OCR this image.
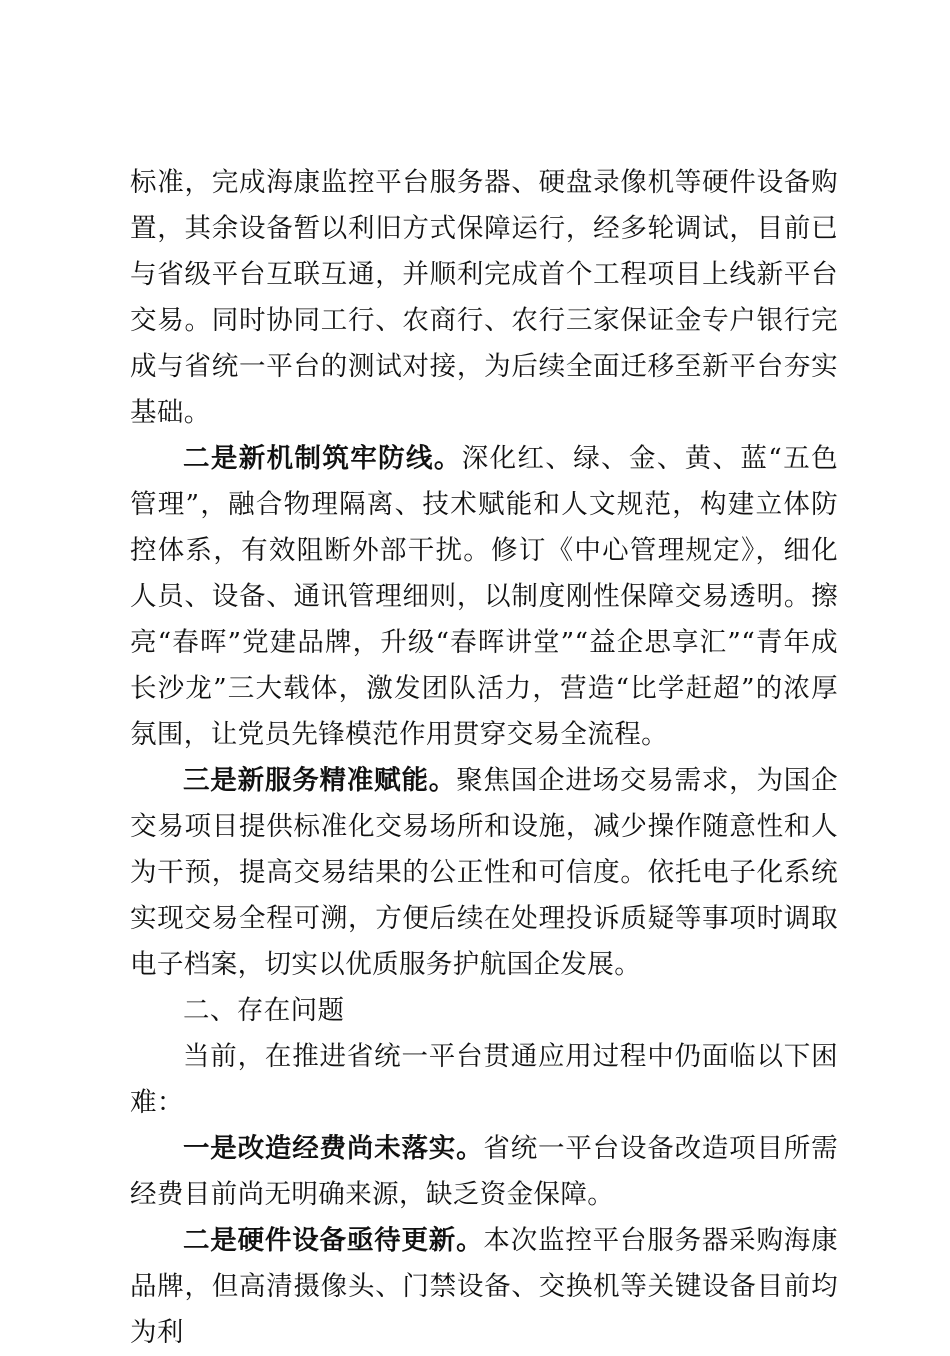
标准，完成海康监控平台服务器、硬盘录像机等硬件设备购置，其余设备暂以利旧方式保障运行，经多轮调试，目前已与省级平台互联互通，并顺利完成首个工程项目上线新平台交易。同时协同工行、农商行、农行三家保证金专户银行完成与省统一平台的测试对接，为后续全面迁移至新平台夯实基础。

二是新机制筑牢防线。深化红、绿、金、黄、蓝“五色管理”，融合物理隔离、技术赋能和人文规范，构建立体防控体系，有效阻断外部干扰。修订《中心管理规定》，细化人员、设备、通讯管理细则，以制度刚性保障交易透明。擦亮“春晖”党建品牌，升级“春晖讲堂”“益企思享汇”“青年成长沙龙”三大载体，激发团队活力，营造“比学赶超”的浓厚氛围，让党员先锋模范作用贯穿交易全流程。

三是新服务精准赋能。聚焦国企进场交易需求，为国企交易项目提供标准化交易场所和设施，减少操作随意性和人为干预，提高交易结果的公正性和可信度。依托电子化系统实现交易全程可溯，方便后续在处理投诉质疑等事项时调取电子档案，切实以优质服务护航国企发展。

二、存在问题

当前，在推进省统一平台贯通应用过程中仍面临以下困难：

一是改造经费尚未落实。省统一平台设备改造项目所需经费目前尚无明确来源，缺乏资金保障。

二是硬件设备亟待更新。本次监控平台服务器采购海康品牌，但高清摄像头、门禁设备、交换机等关键设备目前均为利
